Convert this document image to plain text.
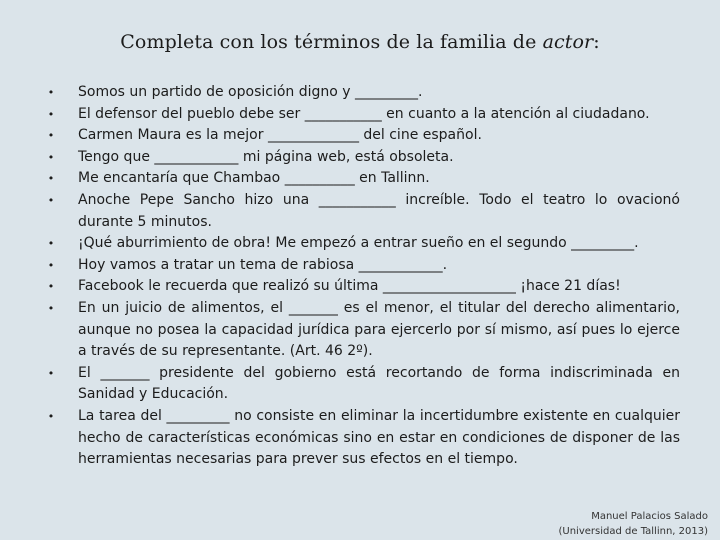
Completa con los términos de la familia de actor:
• Somos un partido de oposición digno y _________.
• El defensor del pueblo debe ser ___________ en cuanto a la atención al ciudadano.
• Carmen Maura es la mejor _____________ del cine español.
• Tengo que ____________ mi página web, está obsoleta.
• Me encantaría que Chambao __________ en Tallinn.
• Anoche Pepe Sancho hizo una ___________ increíble. Todo el teatro lo ovacionó durante 5 minutos.
• ¡Qué aburrimiento de obra! Me empezó a entrar sueño en el segundo _________.
• Hoy vamos a tratar un tema de rabiosa ____________.
• Facebook le recuerda que realizó su última ___________________ ¡hace 21 días!
• En un juicio de alimentos, el _______ es el menor, el titular del derecho alimentario, aunque no posea la capacidad jurídica para ejercerlo por sí mismo, así pues lo ejerce a través de su representante. (Art. 46 2º).
• El _______ presidente del gobierno está recortando de forma indiscriminada en Sanidad y Educación.
• La tarea del _________ no consiste en eliminar la incertidumbre existente en cualquier hecho de características económicas sino en estar en condiciones de disponer de las herramientas necesarias para prever sus efectos en el tiempo.
Manuel Palacios Salado
(Universidad de Tallinn, 2013)
